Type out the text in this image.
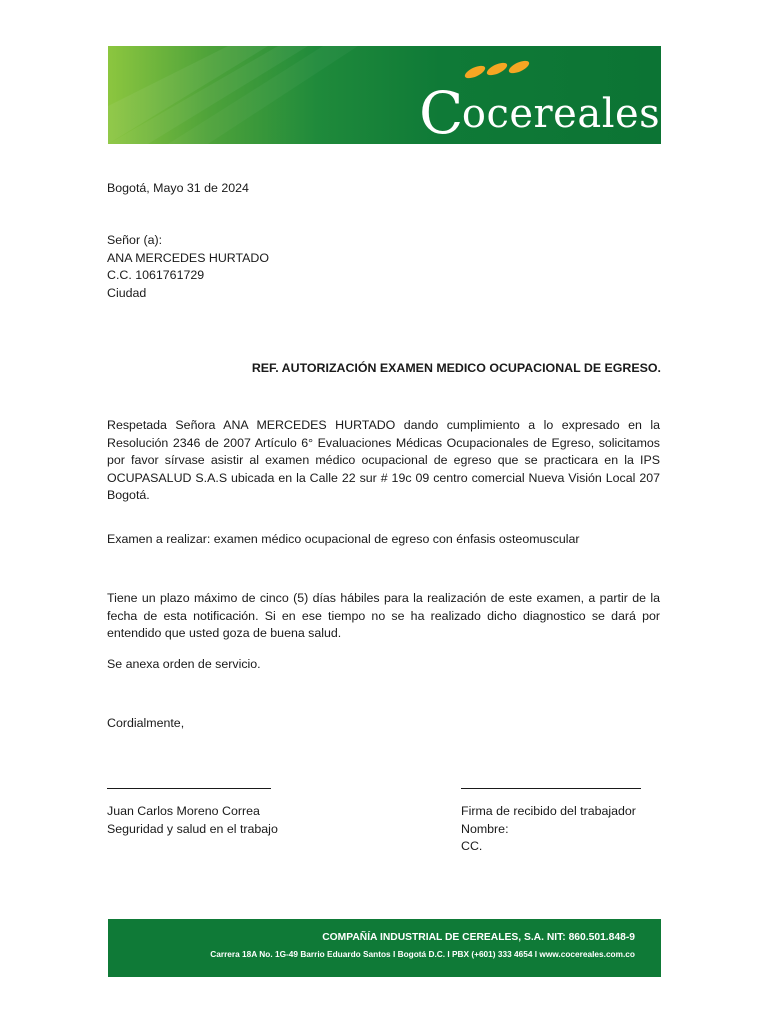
Cocereales

Bogotá, Mayo 31 de 2024

Señor (a):
ANA MERCEDES HURTADO
C.C. 1061761729
Ciudad

REF. AUTORIZACIÓN EXAMEN MEDICO OCUPACIONAL DE EGRESO.

Respetada Señora ANA MERCEDES HURTADO dando cumplimiento a lo expresado en la Resolución 2346 de 2007 Artículo 6° Evaluaciones Médicas Ocupacionales de Egreso, solicitamos por favor sírvase asistir al examen médico ocupacional de egreso que se practicara en la IPS OCUPASALUD S.A.S ubicada en la Calle 22 sur # 19c 09 centro comercial Nueva Visión Local 207 Bogotá.

Examen a realizar: examen médico ocupacional de egreso con énfasis osteomuscular

Tiene un plazo máximo de cinco (5) días hábiles para la realización de este examen, a partir de la fecha de esta notificación. Si en ese tiempo no se ha realizado dicho diagnostico se dará por entendido que usted goza de buena salud.

Se anexa orden de servicio.

Cordialmente,

Juan Carlos Moreno Correa
Seguridad y salud en el trabajo
Firma de recibido del trabajador
Nombre:
CC.

COMPAÑÍA INDUSTRIAL DE CEREALES, S.A. NIT: 860.501.848-9

Carrera 18A No. 1G-49 Barrio Eduardo Santos I Bogotá D.C. I PBX (+601) 333 4654 I www.cocereales.com.co
